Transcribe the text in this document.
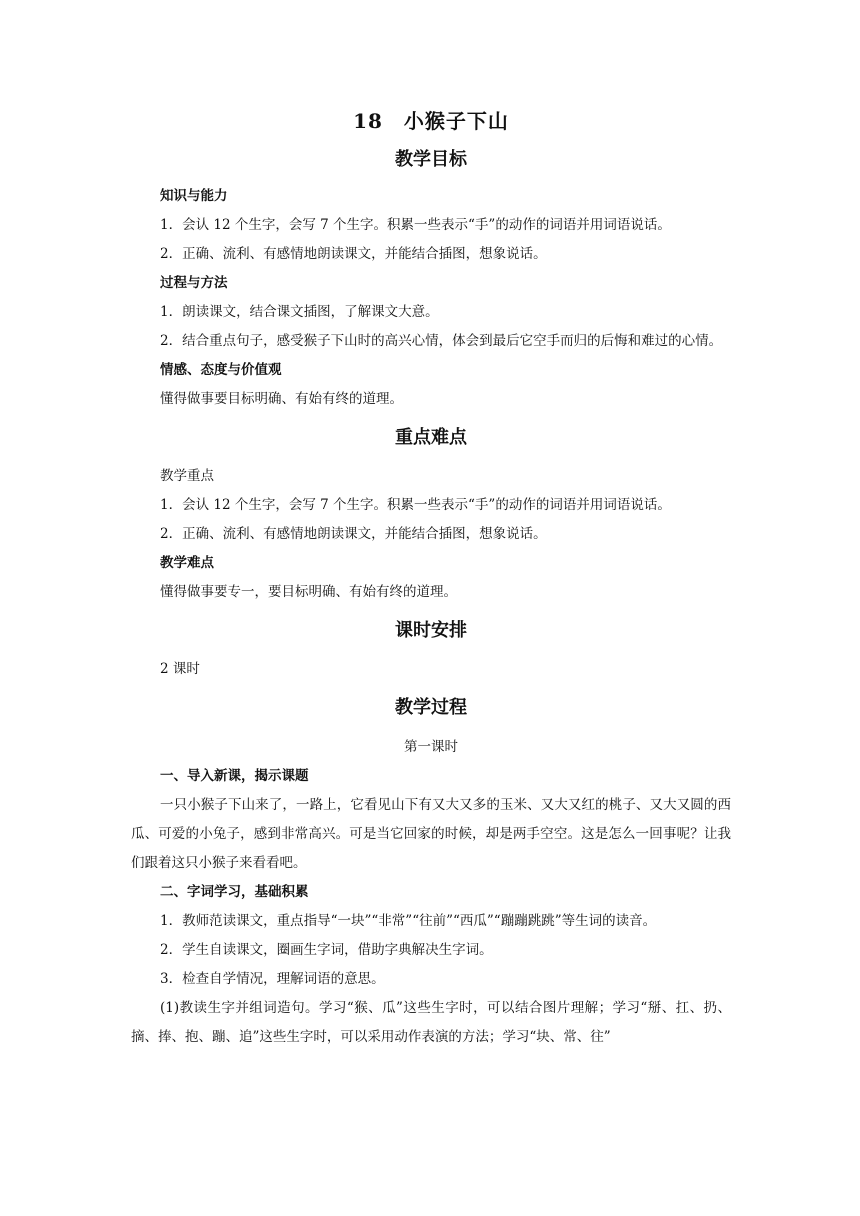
18　小猴子下山
教学目标
知识与能力

1．会认 12 个生字，会写 7 个生字。积累一些表示“手”的动作的词语并用词语说话。

2．正确、流利、有感情地朗读课文，并能结合插图，想象说话。

过程与方法

1．朗读课文，结合课文插图，了解课文大意。

2．结合重点句子，感受猴子下山时的高兴心情，体会到最后它空手而归的后悔和难过的心情。

情感、态度与价值观

懂得做事要目标明确、有始有终的道理。

重点难点
教学重点

1．会认 12 个生字，会写 7 个生字。积累一些表示“手”的动作的词语并用词语说话。

2．正确、流利、有感情地朗读课文，并能结合插图，想象说话。

教学难点

懂得做事要专一，要目标明确、有始有终的道理。

课时安排

2 课时

教学过程
第一课时
一、导入新课，揭示课题

一只小猴子下山来了，一路上，它看见山下有又大又多的玉米、又大又红的桃子、又大又圆的西瓜、可爱的小兔子，感到非常高兴。可是当它回家的时候，却是两手空空。这是怎么一回事呢？让我们跟着这只小猴子来看看吧。

二、字词学习，基础积累

1．教师范读课文，重点指导“一块”“非常”“往前”“西瓜”“蹦蹦跳跳”等生词的读音。

2．学生自读课文，圈画生字词，借助字典解决生字词。

3．检查自学情况，理解词语的意思。

(1)教读生字并组词造句。学习“猴、瓜”这些生字时，可以结合图片理解；学习“掰、扛、扔、摘、捧、抱、蹦、追”这些生字时，可以采用动作表演的方法；学习“块、常、往”
